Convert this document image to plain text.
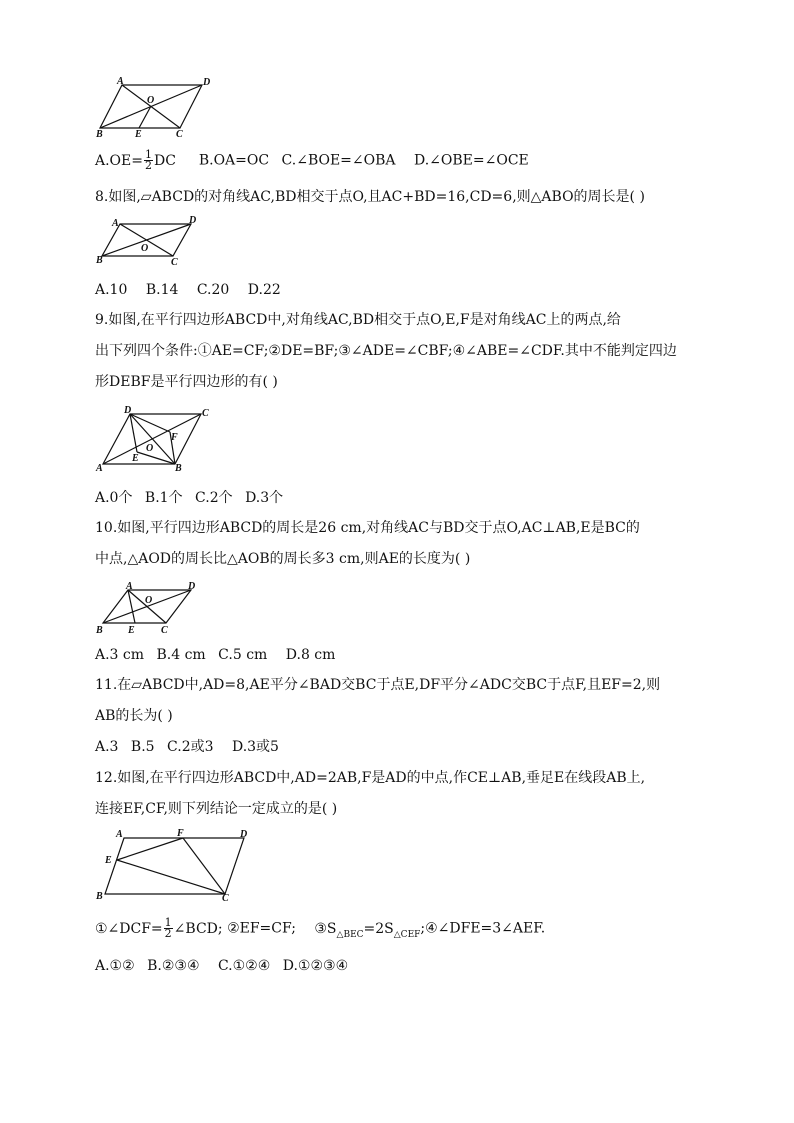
A	D
O
B	E	C
$A.OE= \frac{1}{2}$ DC B.OA=OC C.∠BOE=∠OBA D.∠OBE=∠OCE
8.如图,▱ABCD的对角线AC,BD相交于点O,且AC+BD=16,CD=6,则△ABO的周长是( )
A	D
O
B	C
A.10 B.14 C.20 D.22
9.如图,在平行四边形ABCD中,对角线AC,BD相交于点O,E,F是对角线AC上的两点,给
出下列四个条件:①AE=CF;②DE=BF;③∠ADE=∠CBF;④∠ABE=∠CDF.其中不能判定四边
形DEBF是平行四边形的有( )
D	C
F
O
E
A	B
A.0个 B.1个 C.2个 D.3个
10.如图,平行四边形ABCD的周长是26 cm,对角线AC与BD交于点O,AC⊥AB,E是BC的
中点,△AOD的周长比△AOB的周长多3 cm,则AE的长度为( )
A	D
O
B	E	C
A.3 cm B.4 cm C.5 cm D.8 cm
11.在▱ABCD中,AD=8,AE平分∠BAD交BC于点E,DF平分∠ADC交BC于点F,且EF=2,则
AB的长为( )
A.3 B.5 C.2或3 D.3或5
12.如图,在平行四边形ABCD中,AD=2AB,F是AD的中点,作CE⊥AB,垂足E在线段AB上,
连接EF,CF,则下列结论一定成立的是( )
A	F	D
E
B	C
①∠DCF= $\frac{1}{2}$ ∠BCD; ②EF=CF; $③S_{\triangle BEC}=2S_{\triangle CEF};④\angle DFE=3\angle AEF$.
A.①② B.②③④ C.①②④ D.①②③④
